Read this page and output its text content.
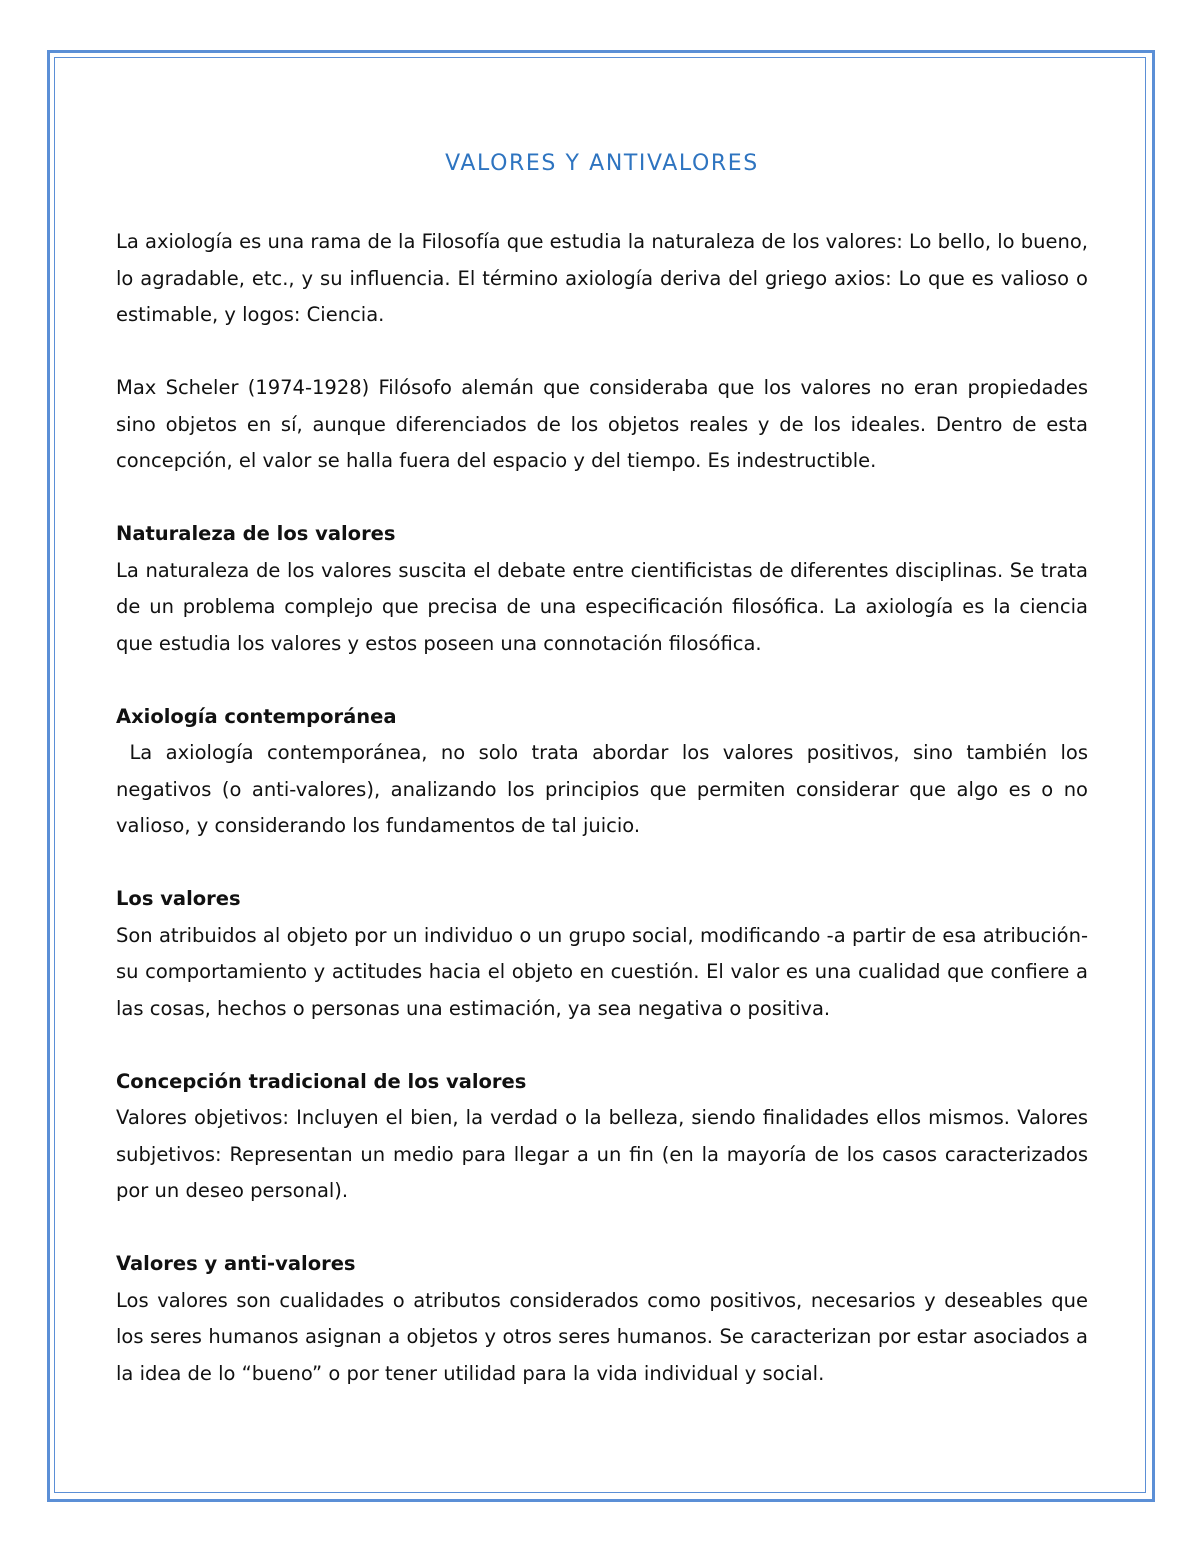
VALORES Y ANTIVALORES

La axiología es una rama de la Filosofía que estudia la naturaleza de los valores: Lo bello, lo bueno, lo agradable, etc., y su influencia. El término axiología deriva del griego axios: Lo que es valioso o estimable, y logos: Ciencia.

Max Scheler (1974-1928) Filósofo alemán que consideraba que los valores no eran propiedades sino objetos en sí, aunque diferenciados de los objetos reales y de los ideales. Dentro de esta concepción, el valor se halla fuera del espacio y del tiempo. Es indestructible.

Naturaleza de los valores
La naturaleza de los valores suscita el debate entre cientificistas de diferentes disciplinas. Se trata de un problema complejo que precisa de una especificación filosófica. La axiología es la ciencia que estudia los valores y estos poseen una connotación filosófica.

Axiología contemporánea
La axiología contemporánea, no solo trata abordar los valores positivos, sino también los negativos (o anti-valores), analizando los principios que permiten considerar que algo es o no valioso, y considerando los fundamentos de tal juicio.

Los valores
Son atribuidos al objeto por un individuo o un grupo social, modificando -a partir de esa atribución- su comportamiento y actitudes hacia el objeto en cuestión. El valor es una cualidad que confiere a las cosas, hechos o personas una estimación, ya sea negativa o positiva.

Concepción tradicional de los valores
Valores objetivos: Incluyen el bien, la verdad o la belleza, siendo finalidades ellos mismos. Valores subjetivos: Representan un medio para llegar a un fin (en la mayoría de los casos caracterizados por un deseo personal).

Valores y anti-valores
Los valores son cualidades o atributos considerados como positivos, necesarios y deseables que los seres humanos asignan a objetos y otros seres humanos. Se caracterizan por estar asociados a la idea de lo “bueno” o por tener utilidad para la vida individual y social.
